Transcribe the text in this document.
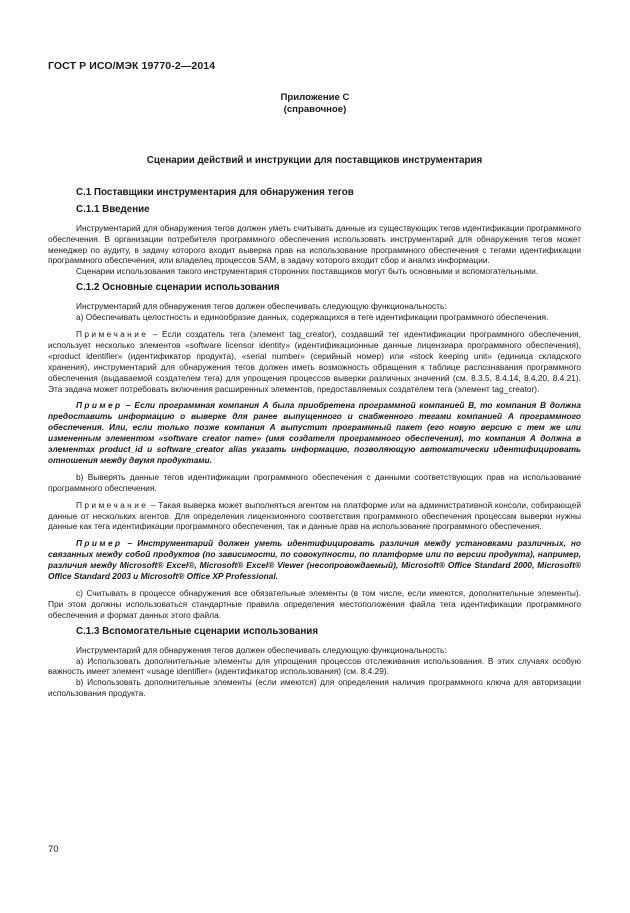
ГОСТ Р ИСО/МЭК 19770-2—2014
Приложение С
(справочное)
Сценарии действий и инструкции для поставщиков инструментария
С.1 Поставщики инструментария для обнаружения тегов
С.1.1 Введение

Инструментарий для обнаружения тегов должен уметь считывать данные из существующих тегов идентификации программного обеспечения. В организации потребителя программного обеспечения использовать инструментарий для обнаружения тегов может менеджер по аудиту, в задачу которого входит выверка прав на использование программного обеспечения с тегами идентификации программного обеспечения, или владелец процессов SAM, в задачу которого входит сбор и анализ информации.

Сценарии использования такого инструментария сторонних поставщиков могут быть основными и вспомогательными.

С.1.2 Основные сценарии использования

Инструментарий для обнаружения тегов должен обеспечивать следующую функциональность:

а) Обеспечивать целостность и единообразие данных, содержащихся в теге идентификации программного обеспечения.

Примечание – Если создатель тега (элемент tag_creator), создавший тег идентификации программного обеспечения, использует несколько элементов «software licensor identity» (идентификационные данные лицензиара программного обеспечения), «product identifier» (идентификатор продукта), «serial number» (серийный номер) или «stock keeping unit» (единица складского хранения), инструментарий для обнаружения тегов должен иметь возможность обращения к таблице распознавания программного обеспечения (выдаваемой создателем тега) для упрощения процессов выверки различных значений (см. 8.3.5, 8.4.14, 8.4.20, 8.4.21). Эта задача может потребовать включения расширенных элементов, предоставляемых создателем тега (элемент tag_creator).

Пример – Если программная компания А была приобретена программной компанией В, то компания В должна предоставить информацию о выверке для ранее выпущенного и снабженного тегами компанией А программного обеспечения. Или, если только позже компания А выпустит программный пакет (его новую версию с тем же или измененным элементом «software creator name» (имя создателя программного обеспечения), то компания А должна в элементах product_id и software_creator alias указать информацию, позволяющую автоматически идентифицировать отношения между двумя продуктами.

b) Выверять данные тегов идентификации программного обеспечения с данными соответствующих прав на использование программного обеспечения.

Примечание – Такая выверка может выполняться агентом на платформе или на административной консоли, собирающей данные от нескольких агентов. Для определения лицензионного соответствия программного обеспечения процессам выверки нужны данные как тега идентификации программного обеспечения, так и данные прав на использование программного обеспечения.

Пример – Инструментарий должен уметь идентифицировать различия между установками различных, но связанных между собой продуктов (по зависимости, по совокупности, по платформе или по версии продукта), например, различия между Microsoft® Excel®, Microsoft® Excel® Viewer (несопровождаемый), Microsoft® Office Standard 2000, Microsoft® Office Standard 2003 и Microsoft® Office XP Professional.

с) Считывать в процессе обнаружения все обязательные элементы (в том числе, если имеются, дополнительные элементы). При этом должны использоваться стандартные правила определения местоположения файла тега идентификации программного обеспечения и формат данных этого файла.

С.1.3 Вспомогательные сценарии использования

Инструментарий для обнаружения тегов должен обеспечивать следующую функциональность:

а) Использовать дополнительные элементы для упрощения процессов отслеживания использования. В этих случаях особую важность имеет элемент «usage identifier» (идентификатор использования) (см. 8.4.29).

b) Использовать дополнительные элементы (если имеются) для определения наличия программного ключа для авторизации использования продукта.

70
